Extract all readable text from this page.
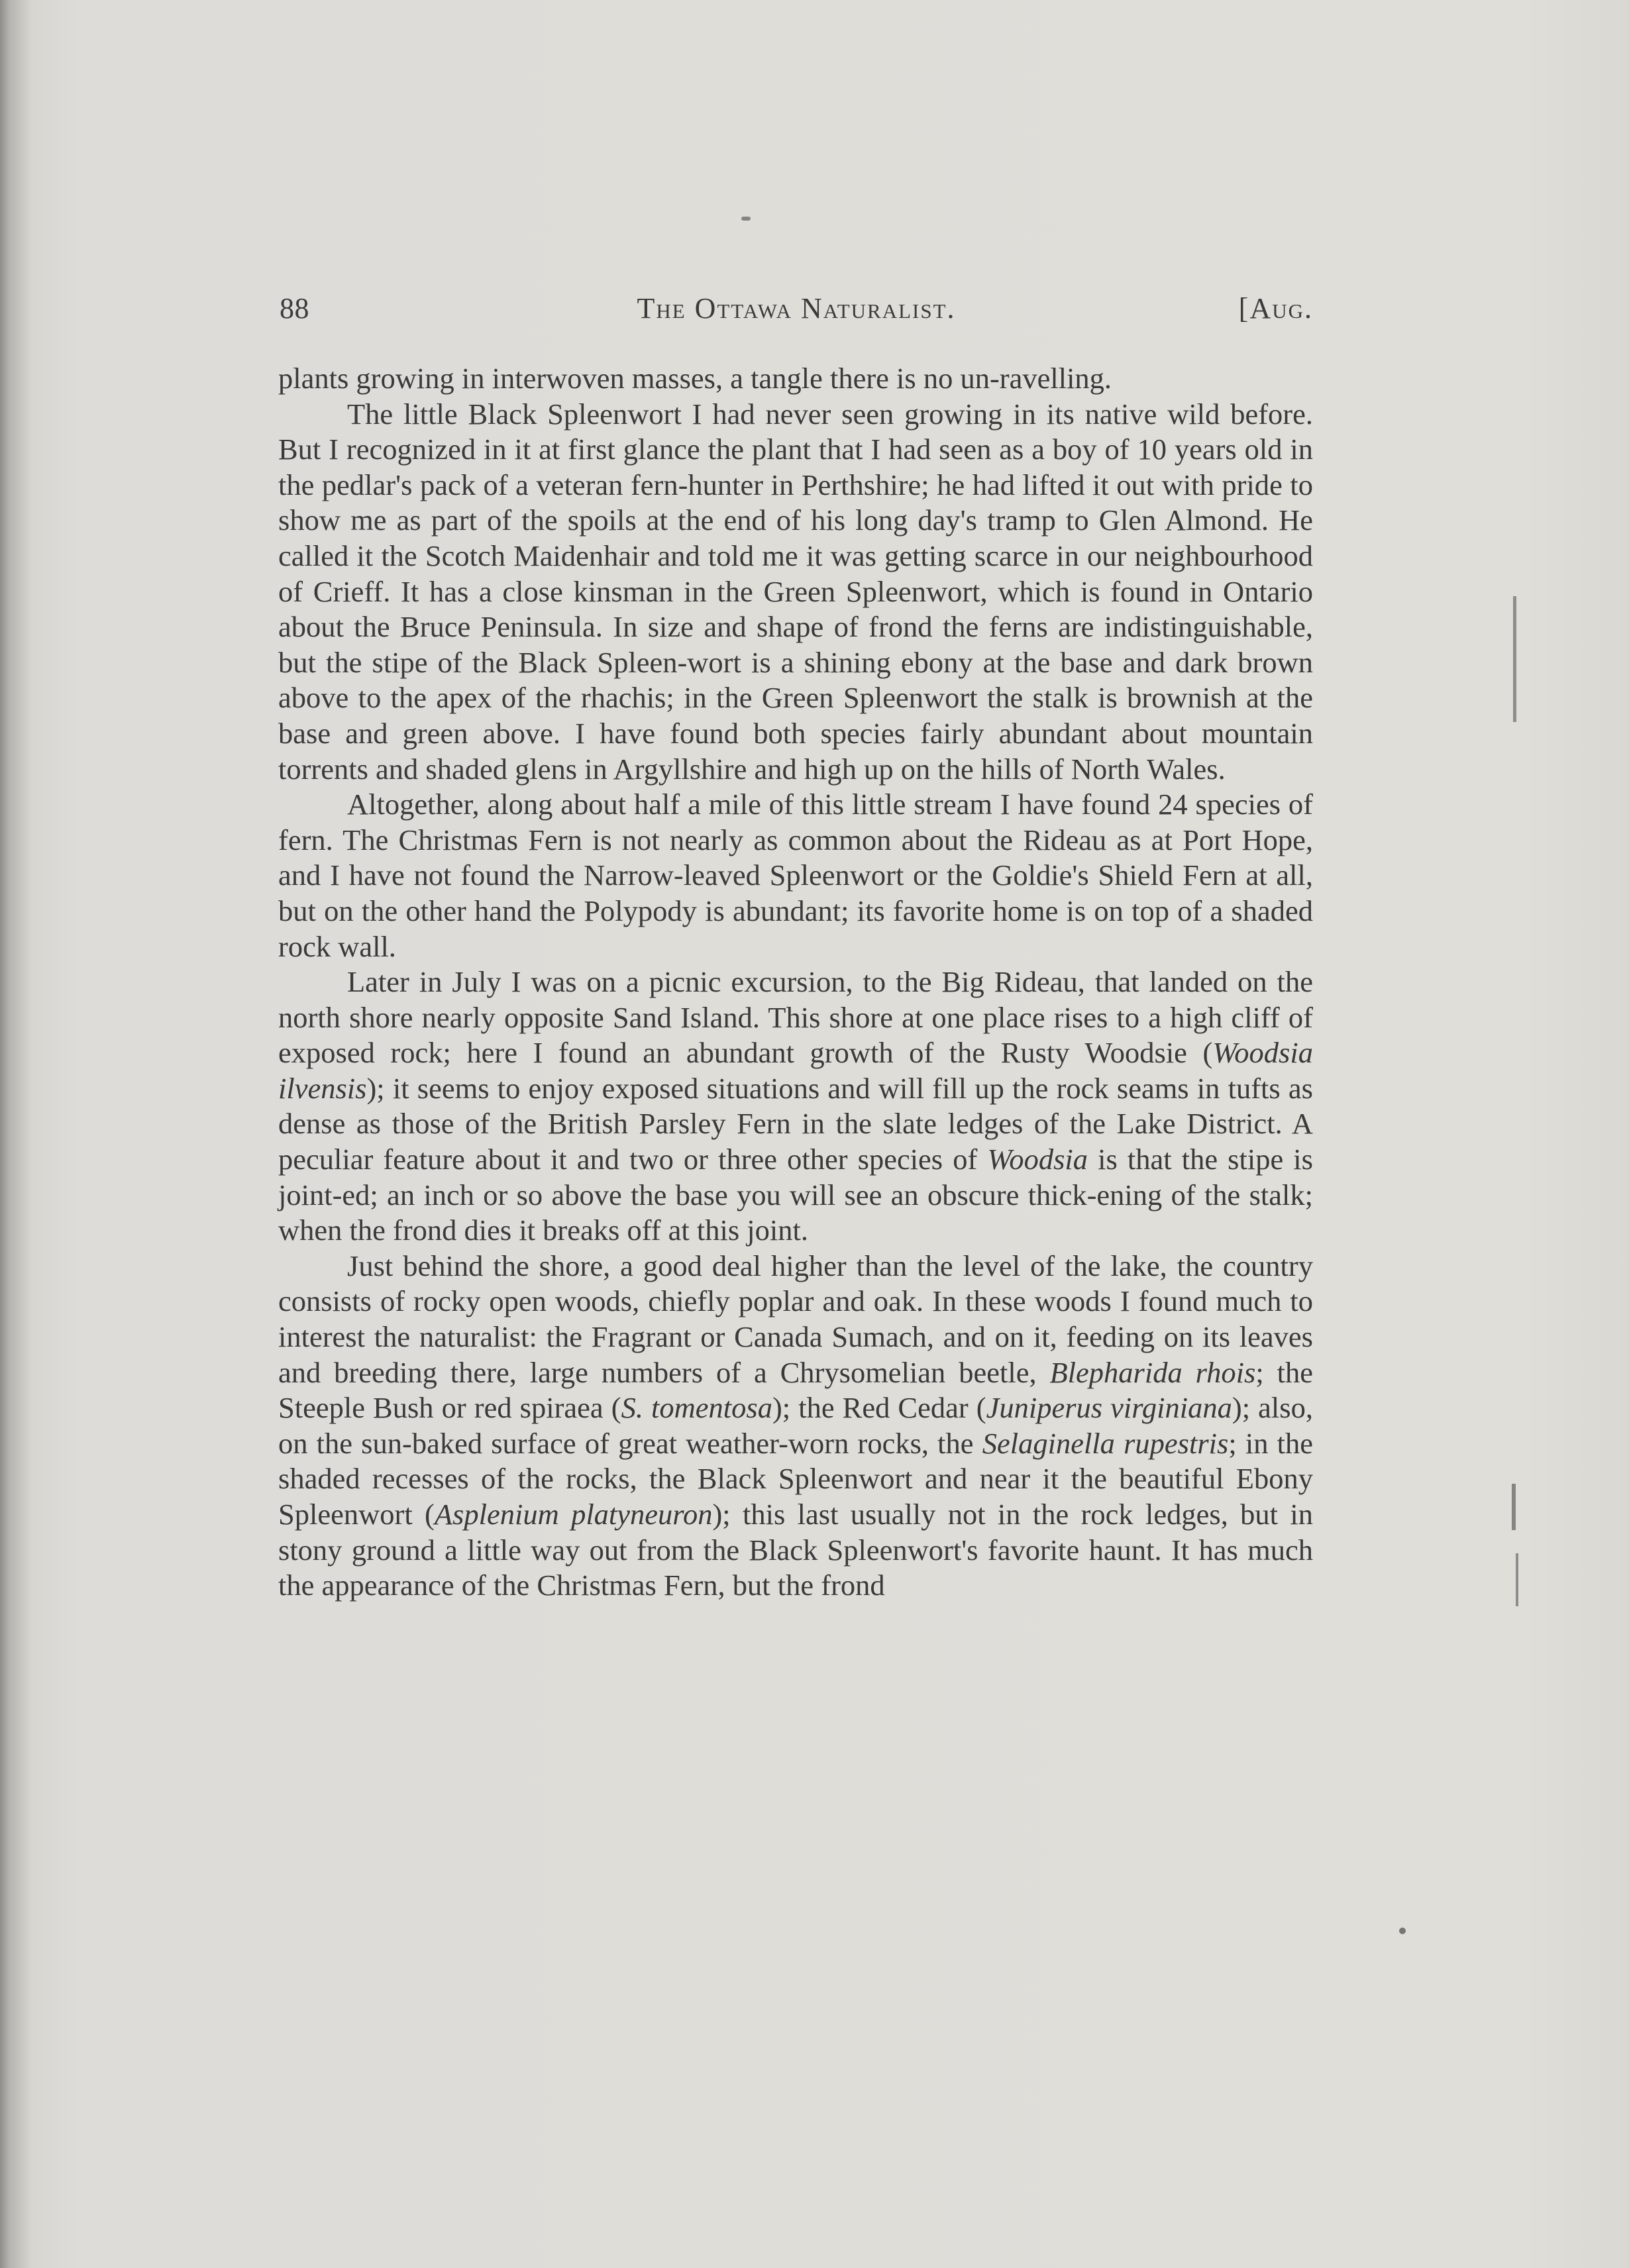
88	The Ottawa Naturalist.	[Aug.

plants growing in interwoven masses, a tangle there is no un-ravelling.

The little Black Spleenwort I had never seen growing in its native wild before. But I recognized in it at first glance the plant that I had seen as a boy of 10 years old in the pedlar's pack of a veteran fern-hunter in Perthshire; he had lifted it out with pride to show me as part of the spoils at the end of his long day's tramp to Glen Almond. He called it the Scotch Maidenhair and told me it was getting scarce in our neighbourhood of Crieff. It has a close kinsman in the Green Spleenwort, which is found in Ontario about the Bruce Peninsula. In size and shape of frond the ferns are indistinguishable, but the stipe of the Black Spleen-wort is a shining ebony at the base and dark brown above to the apex of the rhachis; in the Green Spleenwort the stalk is brownish at the base and green above. I have found both species fairly abundant about mountain torrents and shaded glens in Argyllshire and high up on the hills of North Wales.

Altogether, along about half a mile of this little stream I have found 24 species of fern. The Christmas Fern is not nearly as common about the Rideau as at Port Hope, and I have not found the Narrow-leaved Spleenwort or the Goldie's Shield Fern at all, but on the other hand the Polypody is abundant; its favorite home is on top of a shaded rock wall.

Later in July I was on a picnic excursion, to the Big Rideau, that landed on the north shore nearly opposite Sand Island. This shore at one place rises to a high cliff of exposed rock; here I found an abundant growth of the Rusty Woodsie (Woodsia ilvensis); it seems to enjoy exposed situations and will fill up the rock seams in tufts as dense as those of the British Parsley Fern in the slate ledges of the Lake District. A peculiar feature about it and two or three other species of Woodsia is that the stipe is joint-ed; an inch or so above the base you will see an obscure thick-ening of the stalk; when the frond dies it breaks off at this joint.

Just behind the shore, a good deal higher than the level of the lake, the country consists of rocky open woods, chiefly poplar and oak. In these woods I found much to interest the naturalist: the Fragrant or Canada Sumach, and on it, feeding on its leaves and breeding there, large numbers of a Chrysomelian beetle, Blepharida rhois; the Steeple Bush or red spiraea (S. tomentosa); the Red Cedar (Juniperus virginiana); also, on the sun-baked surface of great weather-worn rocks, the Selaginella rupestris; in the shaded recesses of the rocks, the Black Spleenwort and near it the beautiful Ebony Spleenwort (Asplenium platyneuron); this last usually not in the rock ledges, but in stony ground a little way out from the Black Spleenwort's favorite haunt. It has much the appearance of the Christmas Fern, but the frond
